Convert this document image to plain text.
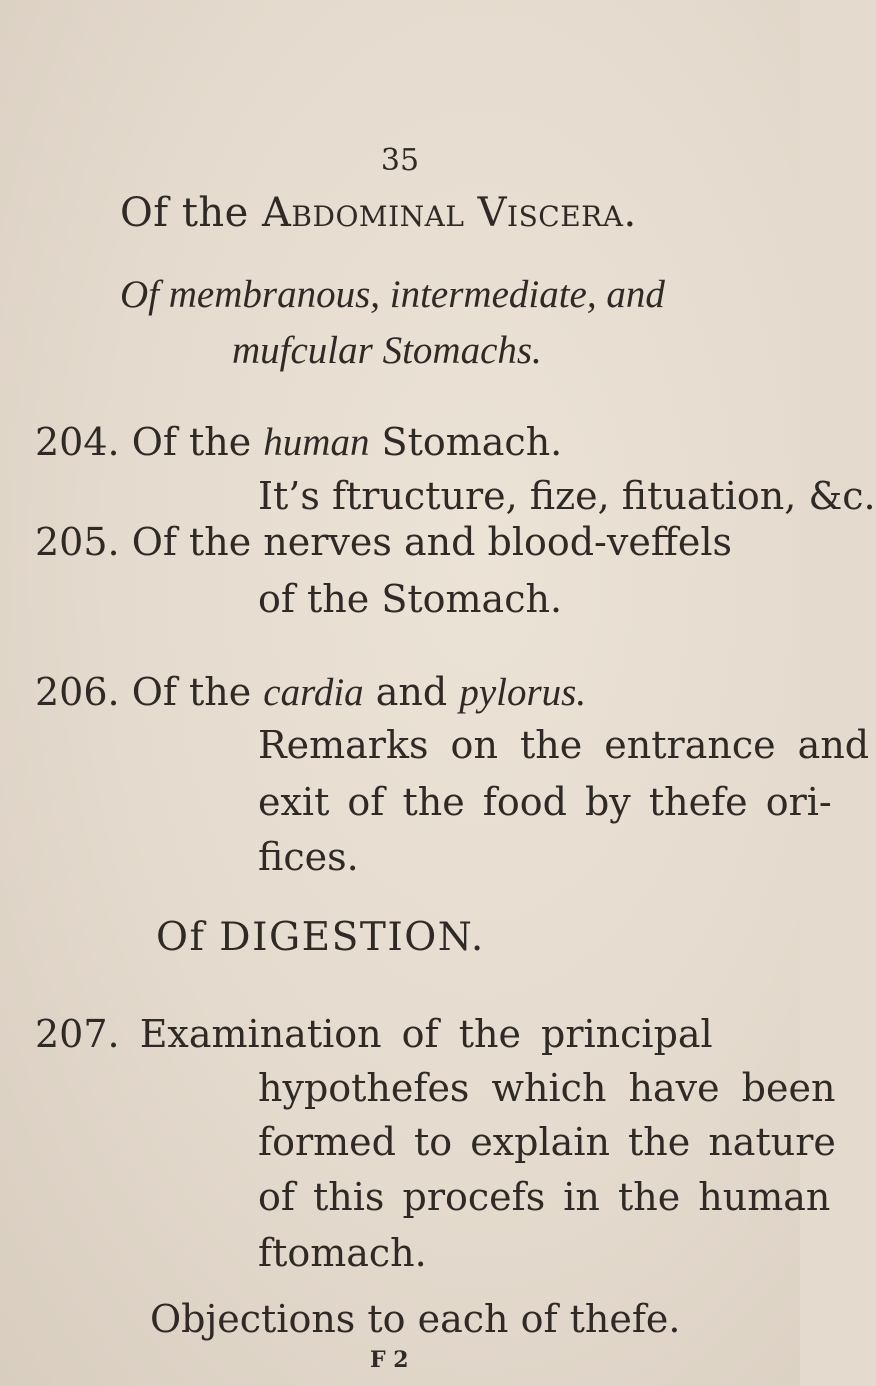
35
Of the Abdominal Viscera.
Of membranous, intermediate, and
mufcular Stomachs.
204. Of the human Stomach.
It’s ftructure, fize, fituation, &c.
205. Of the nerves and blood-veffels
of the Stomach.
206. Of the cardia and pylorus.
Remarks on the entrance and
exit of the food by thefe ori-
fices.
Of DIGESTION.
207. Examination of the principal
hypothefes which have been
formed to explain the nature
of this procefs in the human
ftomach.
Objections to each of thefe.
F 2
